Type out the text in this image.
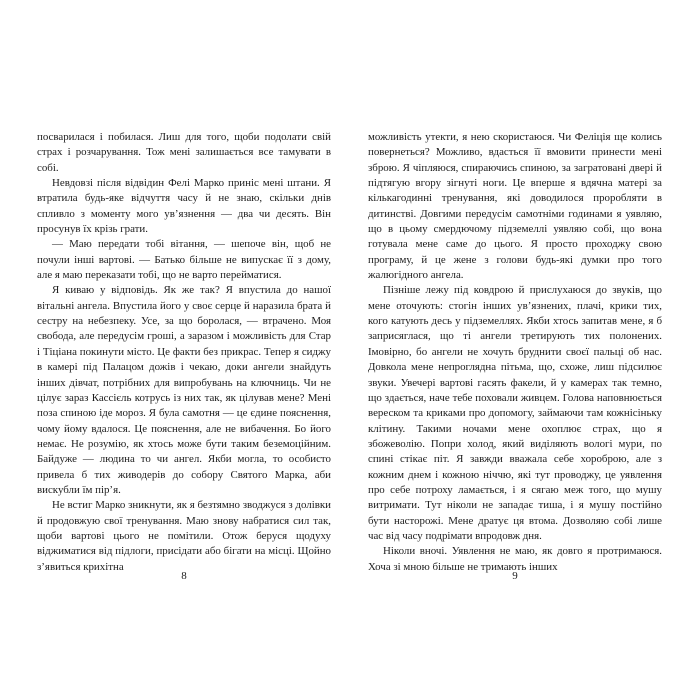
посварилася і побилася. Лиш для того, щоби подолати свій страх і розчарування. Тож мені залишається все тамувати в собі.

Невдовзі після відвідин Фелі Марко приніс мені штани. Я втратила будь-яке відчуття часу й не знаю, скільки днів спливло з моменту мого ув’язнення — два чи десять. Він просунув їх крізь грати.

— Маю передати тобі вітання, — шепоче він, щоб не почули інші вартові. — Батько більше не випускає її з дому, але я маю переказати тобі, що не варто перейматися.

Я киваю у відповідь. Як же так? Я впустила до нашої вітальні ангела. Впустила його у своє серце й наразила брата й сестру на небезпеку. Усе, за що боролася, — втрачено. Моя свобода, але передусім гроші, а заразом і можливість для Стар і Тіціана покинути місто. Це факти без прикрас. Тепер я сиджу в камері під Палацом дожів і чекаю, доки ангели знайдуть інших дівчат, потрібних для випробувань на ключниць. Чи не цілує зараз Кассієль котрусь із них так, як цілував мене? Мені поза спиною іде мороз. Я була самотня — це єдине пояснення, чому йому вдалося. Це пояснення, але не вибачення. Бо його немає. Не розумію, як хтось може бути таким беземоційним. Байдуже — людина то чи ангел. Якби могла, то особисто привела б тих живодерів до собору Святого Марка, аби вискубли їм пір’я.

Не встиг Марко зникнути, як я безтямно зводжуся з долівки й продовжую свої тренування. Маю знову набратися сил так, щоби вартові цього не помітили. Отож беруся щодуху віджиматися від підлоги, присідати або бігати на місці. Щойно з’явиться крихітна

8

можливість утекти, я нею скористаюся. Чи Феліція ще колись повернеться? Можливо, вдасться її вмовити принести мені зброю. Я чіпляюся, спираючись спиною, за загратовані двері й підтягую вгору зігнуті ноги. Це вперше я вдячна матері за кількагодинні тренування, які доводилося проробляти в дитинстві. Довгими передусім самотніми годинами я уявляю, що в цьому смердючому підземеллі уявляю собі, що вона готувала мене саме до цього. Я просто проходжу свою програму, й це жене з голови будь-які думки про того жалюгідного ангела.

Пізніше лежу під ковдрою й прислухаюся до звуків, що мене оточують: стогін інших ув’язнених, плачі, крики тих, кого катують десь у підземеллях. Якби хтось запитав мене, я б заприсяглася, що ті ангели третирують тих полонених. Імовірно, бо ангели не хочуть бруднити своєї пальці об нас. Довкола мене непроглядна пітьма, що, схоже, лиш підсилює звуки. Увечері вартові гасять факели, й у камерах так темно, що здається, наче тебе поховали живцем. Голова наповнюється вереском та криками про допомогу, займаючи там кожнісіньку клітину. Такими ночами мене охоплює страх, що я збожеволію. Попри холод, який виділяють вологі мури, по спині стікає піт. Я завжди вважала себе хороброю, але з кожним днем і кожною ніччю, які тут проводжу, це уявлення про себе потроху ламається, і я сягаю меж того, що мушу витримати. Тут ніколи не западає тиша, і я мушу постійно бути насторожі. Мене дратує ця втома. Дозволяю собі лише час від часу подрімати впродовж дня.

Ніколи вночі. Уявлення не маю, як довго я протримаюся. Хоча зі мною більше не тримають інших

9
